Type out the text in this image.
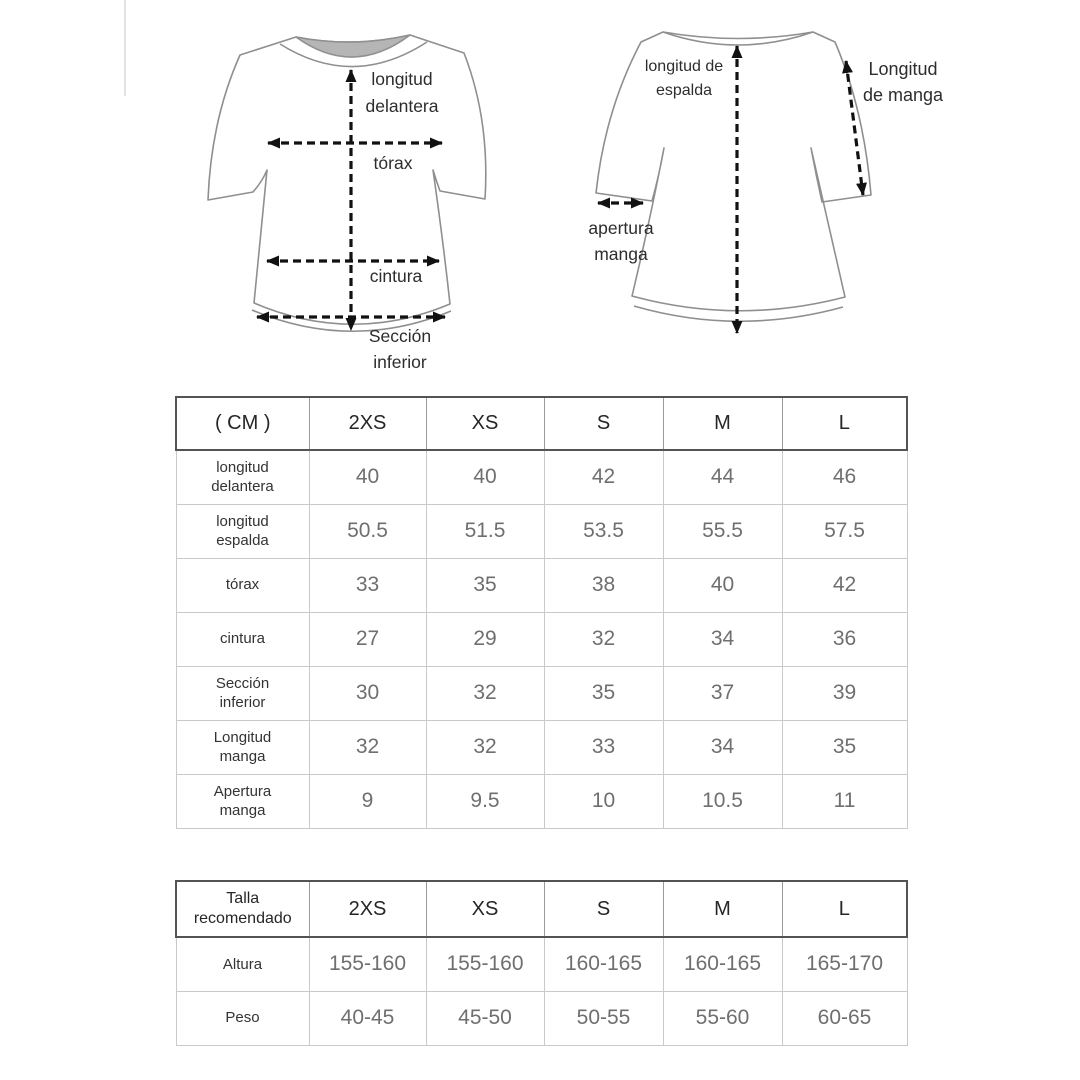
longitud
delantera
tórax
cintura
Sección
inferior
longitud de
espalda
Longitud
de manga
apertura
manga
( CM )	2XS	XS	S	M	L
longitud delantera	40	40	42	44	46
longitud espalda	50.5	51.5	53.5	55.5	57.5
tórax	33	35	38	40	42
cintura	27	29	32	34	36
Sección inferior	30	32	35	37	39
Longitud manga	32	32	33	34	35
Apertura manga	9	9.5	10	10.5	11
Talla recomendado	2XS	XS	S	M	L
Altura	155-160	155-160	160-165	160-165	165-170
Peso	40-45	45-50	50-55	55-60	60-65
